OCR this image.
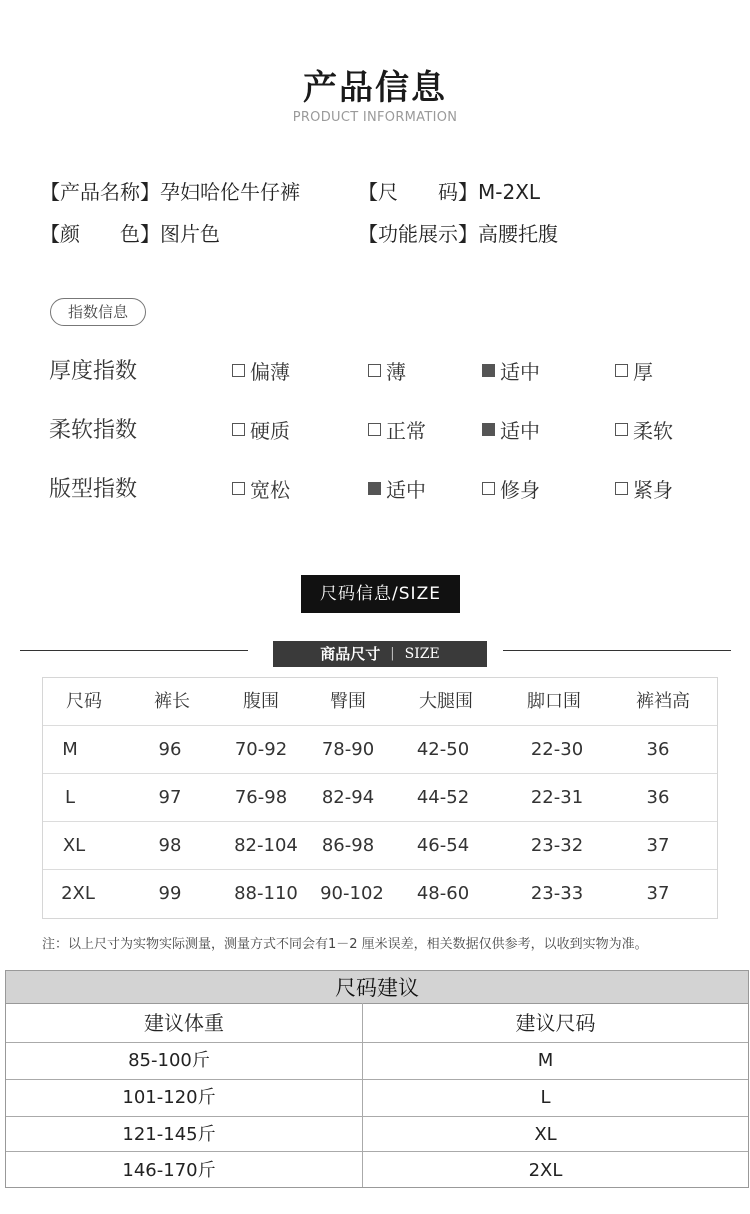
产品信息
PRODUCT INFORMATION
【产品名称】孕妇哈伦牛仔裤	【尺　　码】M-2XL
【颜　　色】图片色	【功能展示】高腰托腹
指数信息
厚度指数	偏薄	薄	适中	厚
柔软指数	硬质	正常	适中	柔软
版型指数	宽松	适中	修身	紧身
尺码信息/SIZE
商品尺寸 | SIZE
尺码	裤长	腹围	臀围	大腿围	脚口围	裤裆高
M	96	70-92	78-90	42-50	22-30	36
L	97	76-98	82-94	44-52	22-31	36
XL	98	82-104	86-98	46-54	23-32	37
2XL	99	88-110	90-102	48-60	23-33	37
注：以上尺寸为实物实际测量，测量方式不同会有1－2 厘米误差，相关数据仅供参考，以收到实物为准。
尺码建议
建议体重	建议尺码
85-100斤	M
101-120斤	L
121-145斤	XL
146-170斤	2XL
